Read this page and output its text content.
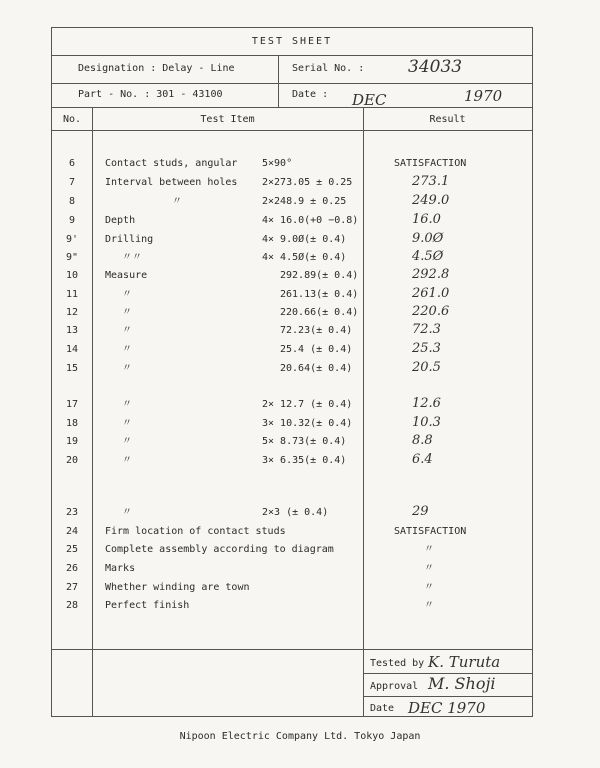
TEST SHEET
Designation : Delay - Line	Serial No. :	34033
Part - No. : 301 - 43100	Date : DEC	1970
No.	Test Item	Result
6	Contact studs, angular 5×90°	SATISFACTION
7	Interval between holes 2×273.05 ± 0.25	273.1
8	〃	2×248.9 ± 0.25	249.0
9	Depth	4× 16.0(+0 −0.8)	16.0
9'	Drilling	4× 9.0Ø(± 0.4)	9.0Ø
9"	〃〃	4× 4.5Ø(± 0.4)	4.5Ø
10	Measure	292.89(± 0.4)	292.8
11	〃	261.13(± 0.4)	261.0
12	〃	220.66(± 0.4)	220.6
13	〃	72.23(± 0.4)	72.3
14	〃	25.4 (± 0.4)	25.3
15	〃	20.64(± 0.4)	20.5
17	〃	2× 12.7 (± 0.4)	12.6
18	〃	3× 10.32(± 0.4)	10.3
19	〃	5× 8.73(± 0.4)	8.8
20	〃	3× 6.35(± 0.4)	6.4
23	〃	2×3 (± 0.4)	29
24	Firm location of contact studs	SATISFACTION
25	Complete assembly according to diagram	〃
26	Marks	〃
27	Whether winding are town	〃
28	Perfect finish	〃
Tested by K. Turuta
Approval M. Shoji
Date DEC 1970
Nipoon Electric Company Ltd. Tokyo Japan
